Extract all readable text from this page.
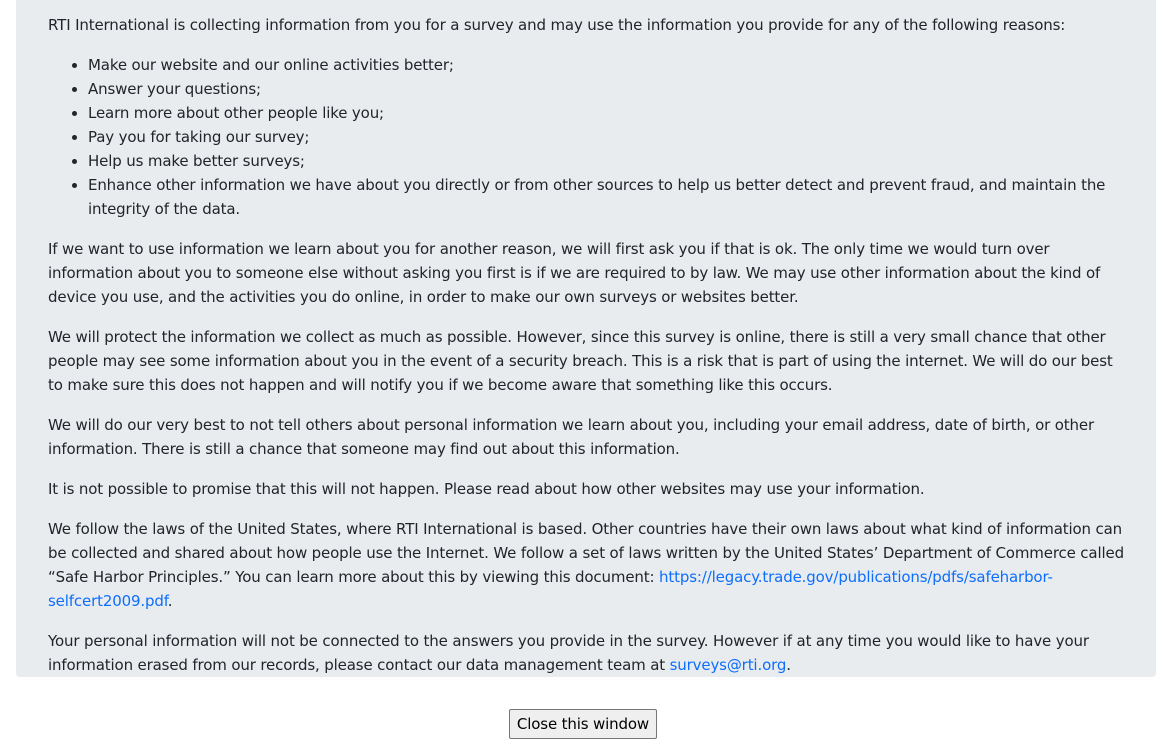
RTI International is collecting information from you for a survey and may use the information you provide for any of the following reasons:

• Make our website and our online activities better;
• Answer your questions;
• Learn more about other people like you;
• Pay you for taking our survey;
• Help us make better surveys;
• Enhance other information we have about you directly or from other sources to help us better detect and prevent fraud, and maintain the integrity of the data.

If we want to use information we learn about you for another reason, we will first ask you if that is ok. The only time we would turn over information about you to someone else without asking you first is if we are required to by law. We may use other information about the kind of device you use, and the activities you do online, in order to make our own surveys or websites better.

We will protect the information we collect as much as possible. However, since this survey is online, there is still a very small chance that other people may see some information about you in the event of a security breach. This is a risk that is part of using the internet. We will do our best to make sure this does not happen and will notify you if we become aware that something like this occurs.

We will do our very best to not tell others about personal information we learn about you, including your email address, date of birth, or other information. There is still a chance that someone may find out about this information.

It is not possible to promise that this will not happen. Please read about how other websites may use your information.

We follow the laws of the United States, where RTI International is based. Other countries have their own laws about what kind of information can be collected and shared about how people use the Internet. We follow a set of laws written by the United States’ Department of Commerce called “Safe Harbor Principles.” You can learn more about this by viewing this document: https://legacy.trade.gov/publications/pdfs/safeharbor-selfcert2009.pdf.

Your personal information will not be connected to the answers you provide in the survey. However if at any time you would like to have your information erased from our records, please contact our data management team at surveys@rti.org.

Close this window
